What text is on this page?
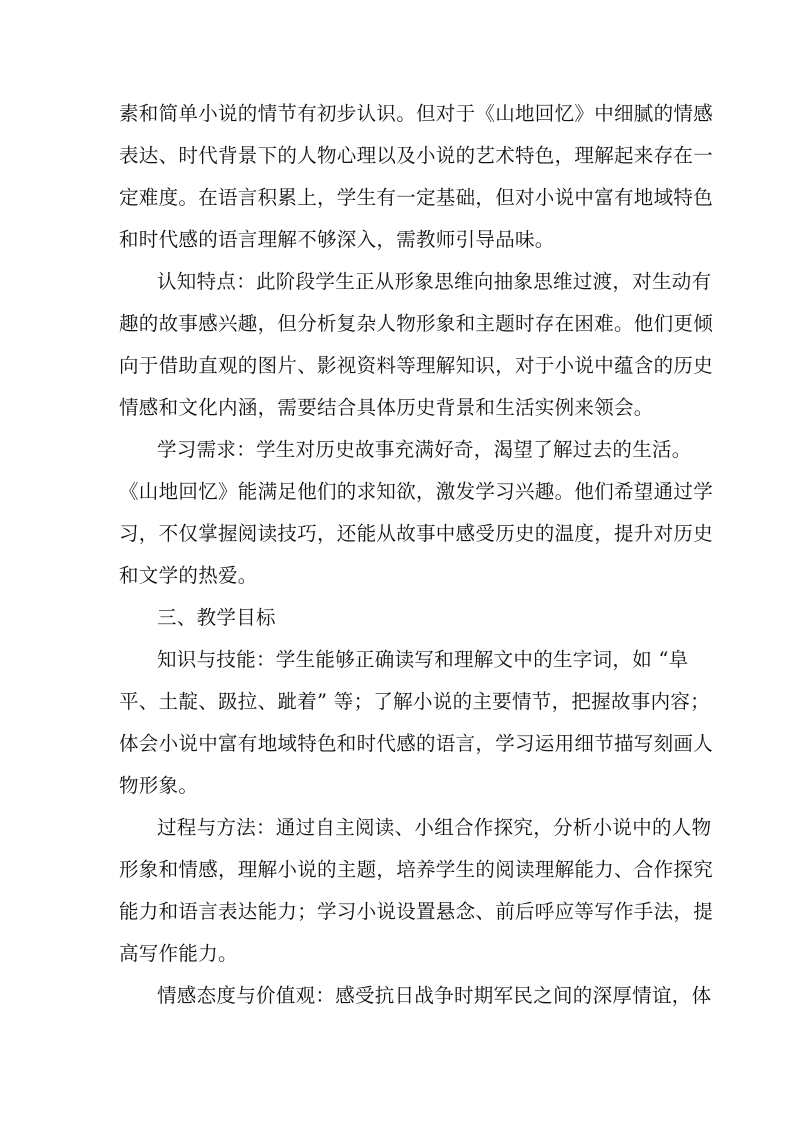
素和简单小说的情节有初步认识。但对于《山地回忆》中细腻的情感
表达、时代背景下的人物心理以及小说的艺术特色，理解起来存在一
定难度。在语言积累上，学生有一定基础，但对小说中富有地域特色
和时代感的语言理解不够深入，需教师引导品味。
认知特点：此阶段学生正从形象思维向抽象思维过渡，对生动有
趣的故事感兴趣，但分析复杂人物形象和主题时存在困难。他们更倾
向于借助直观的图片、影视资料等理解知识，对于小说中蕴含的历史
情感和文化内涵，需要结合具体历史背景和生活实例来领会。
学习需求：学生对历史故事充满好奇，渴望了解过去的生活。
《山地回忆》能满足他们的求知欲，激发学习兴趣。他们希望通过学
习，不仅掌握阅读技巧，还能从故事中感受历史的温度，提升对历史
和文学的热爱。
三、教学目标
知识与技能：学生能够正确读写和理解文中的生字词，如 “阜
平、土靛、趿拉、跐着” 等；了解小说的主要情节，把握故事内容；
体会小说中富有地域特色和时代感的语言，学习运用细节描写刻画人
物形象。
过程与方法：通过自主阅读、小组合作探究，分析小说中的人物
形象和情感，理解小说的主题，培养学生的阅读理解能力、合作探究
能力和语言表达能力；学习小说设置悬念、前后呼应等写作手法，提
高写作能力。
情感态度与价值观：感受抗日战争时期军民之间的深厚情谊，体
